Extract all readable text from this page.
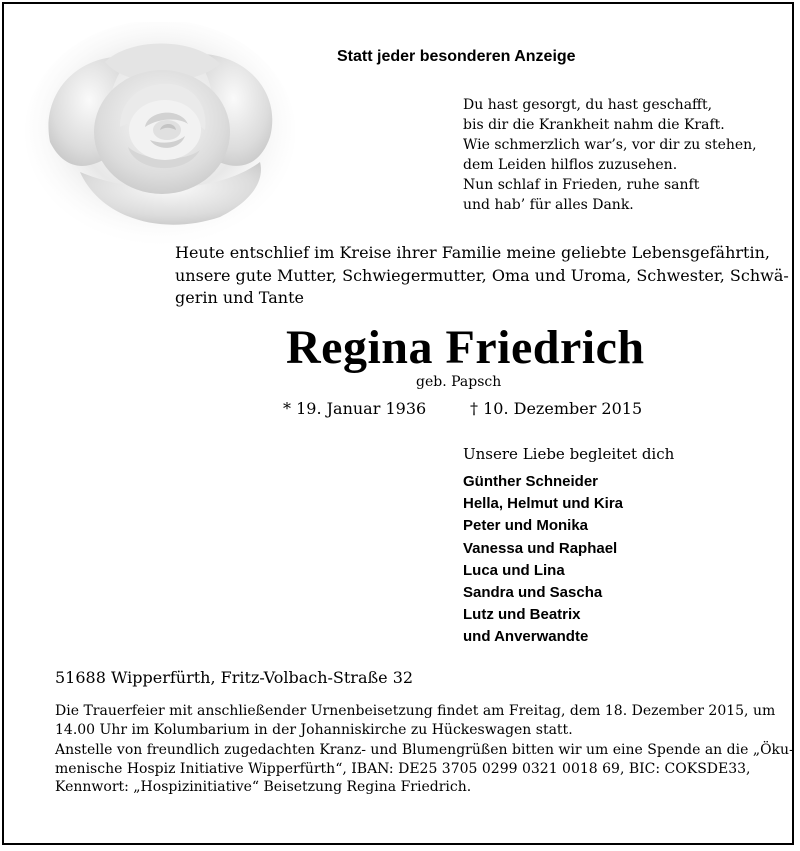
Statt jeder besonderen Anzeige
Du hast gesorgt, du hast geschafft,
bis dir die Krankheit nahm die Kraft.
Wie schmerzlich war’s, vor dir zu stehen,
dem Leiden hilflos zuzusehen.
Nun schlaf in Frieden, ruhe sanft
und hab’ für alles Dank.
Heute entschlief im Kreise ihrer Familie meine geliebte Lebensgefährtin,
unsere gute Mutter, Schwiegermutter, Oma und Uroma, Schwester, Schwä-
gerin und Tante
Regina Friedrich
geb. Papsch
* 19. Januar 1936	† 10. Dezember 2015
Unsere Liebe begleitet dich
Günther Schneider
Hella, Helmut und Kira
Peter und Monika
Vanessa und Raphael
Luca und Lina
Sandra und Sascha
Lutz und Beatrix
und Anverwandte
51688 Wipperfürth, Fritz-Volbach-Straße 32
Die Trauerfeier mit anschließender Urnenbeisetzung findet am Freitag, dem 18. Dezember 2015, um
14.00 Uhr im Kolumbarium in der Johanniskirche zu Hückeswagen statt.
Anstelle von freundlich zugedachten Kranz- und Blumengrüßen bitten wir um eine Spende an die „Öku-
menische Hospiz Initiative Wipperfürth“, IBAN: DE25 3705 0299 0321 0018 69, BIC: COKSDE33,
Kennwort: „Hospizinitiative“ Beisetzung Regina Friedrich.
